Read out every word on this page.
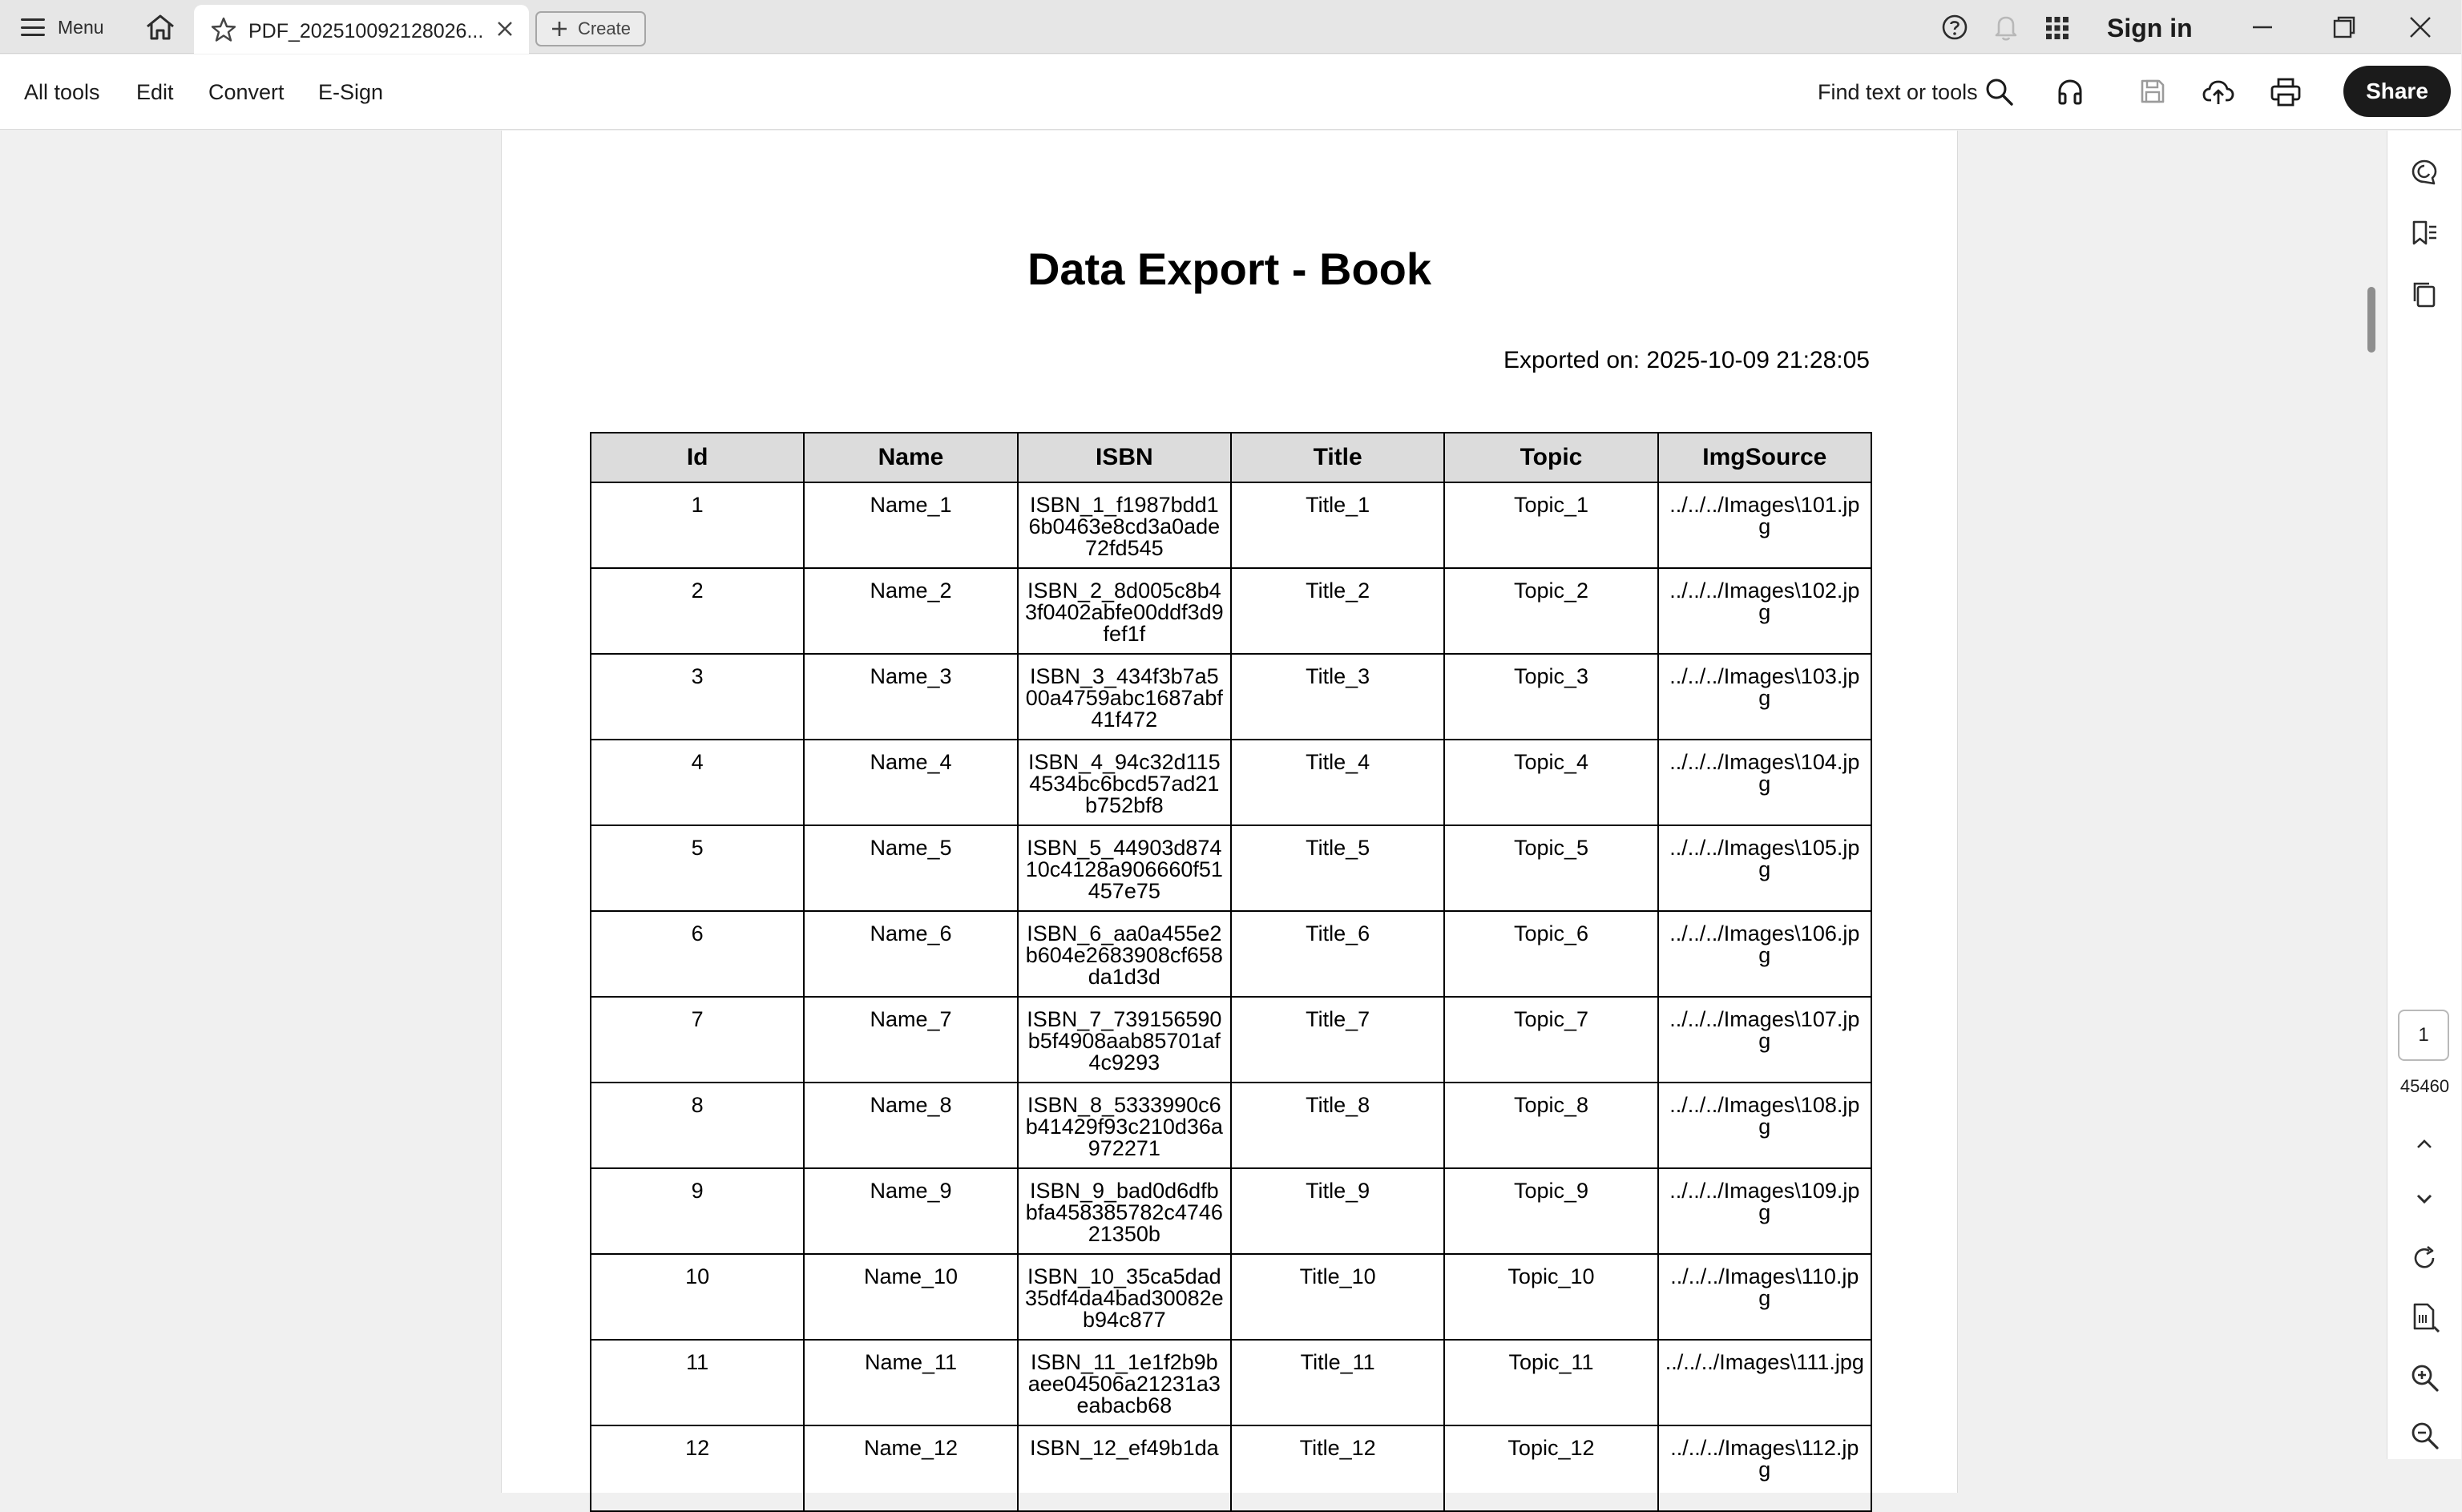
Menu	PDF_202510092128026...	Create	Sign in
All tools Edit Convert E-Sign	Find text or tools	Share
Data Export - Book
Exported on: 2025-10-09 21:28:05
Id	Name	ISBN	Title	Topic	ImgSource
1	Name_1	ISBN_1_f1987bdd16b0463e8cd3a0ade72fd545	Title_1	Topic_1	../../../Images\101.jpg
2	Name_2	ISBN_2_8d005c8b43f0402abfe00ddf3d9fef1f	Title_2	Topic_2	../../../Images\102.jpg
3	Name_3	ISBN_3_434f3b7a500a4759abc1687abf41f472	Title_3	Topic_3	../../../Images\103.jpg
4	Name_4	ISBN_4_94c32d1154534bc6bcd57ad21b752bf8	Title_4	Topic_4	../../../Images\104.jpg
5	Name_5	ISBN_5_44903d87410c4128a906660f51457e75	Title_5	Topic_5	../../../Images\105.jpg
6	Name_6	ISBN_6_aa0a455e2b604e2683908cf658da1d3d	Title_6	Topic_6	../../../Images\106.jpg
7	Name_7	ISBN_7_739156590b5f4908aab85701af4c9293	Title_7	Topic_7	../../../Images\107.jpg
8	Name_8	ISBN_8_5333990c6b41429f93c210d36a972271	Title_8	Topic_8	../../../Images\108.jpg
9	Name_9	ISBN_9_bad0d6dfbbfa458385782c474621350b	Title_9	Topic_9	../../../Images\109.jpg
10	Name_10	ISBN_10_35ca5dad35df4da4bad30082eb94c877	Title_10	Topic_10	../../../Images\110.jpg
11	Name_11	ISBN_11_1e1f2b9baee04506a21231a3eabacb68	Title_11	Topic_11	../../../Images\111.jpg
12	Name_12	ISBN_12_ef49b1da	Title_12	Topic_12	../../../Images\112.jpg
1
45460
